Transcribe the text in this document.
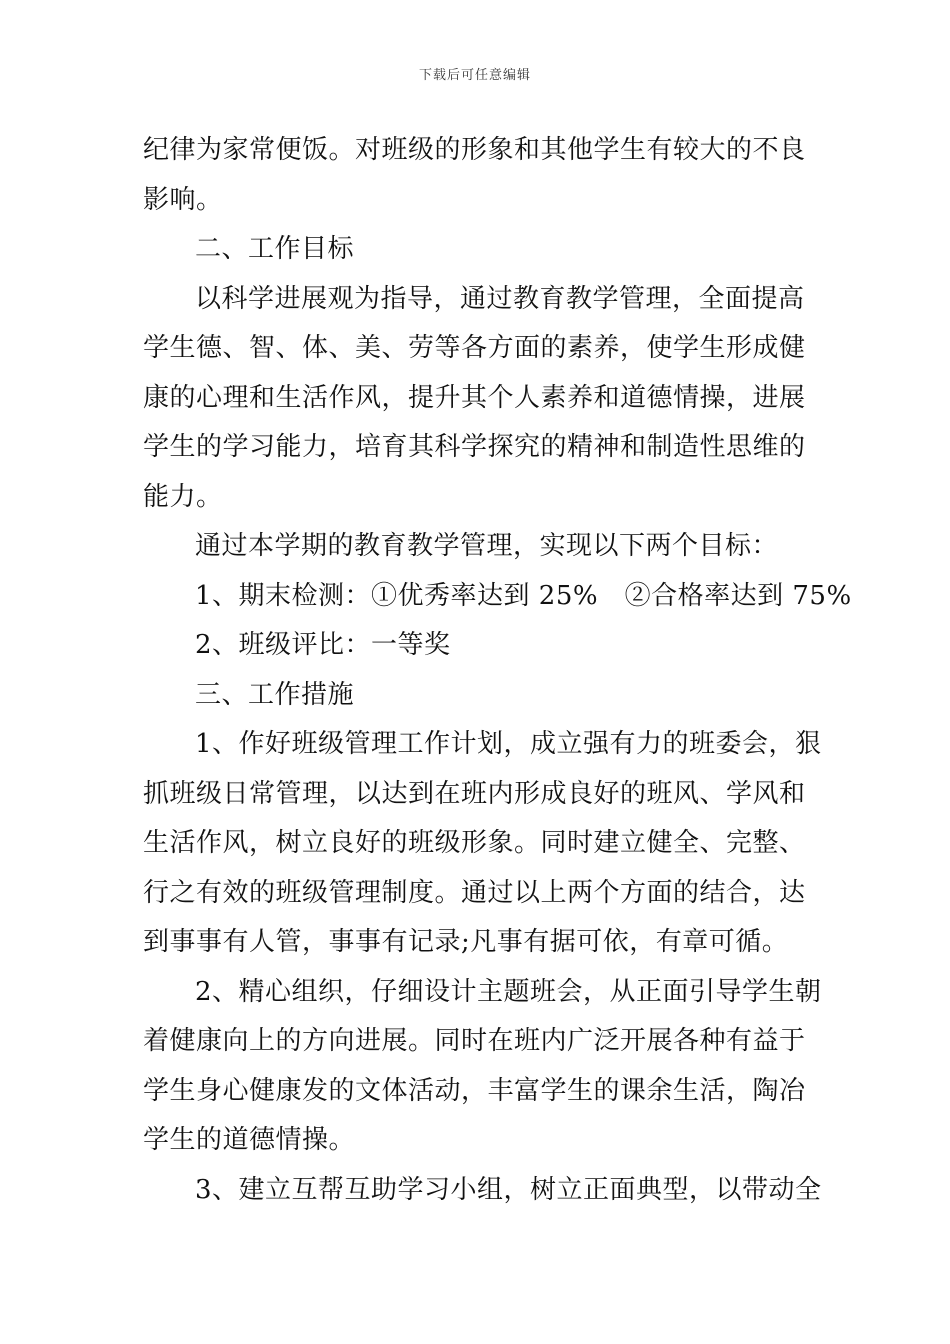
下载后可任意编辑
纪律为家常便饭。对班级的形象和其他学生有较大的不良
影响。
二、工作目标
以科学进展观为指导，通过教育教学管理，全面提高
学生德、智、体、美、劳等各方面的素养，使学生形成健
康的心理和生活作风，提升其个人素养和道德情操，进展
学生的学习能力，培育其科学探究的精神和制造性思维的
能力。
通过本学期的教育教学管理，实现以下两个目标：
1、期末检测：①优秀率达到 25%　②合格率达到 75%
2、班级评比：一等奖
三、工作措施
1、作好班级管理工作计划，成立强有力的班委会，狠
抓班级日常管理，以达到在班内形成良好的班风、学风和
生活作风，树立良好的班级形象。同时建立健全、完整、
行之有效的班级管理制度。通过以上两个方面的结合，达
到事事有人管，事事有记录;凡事有据可依，有章可循。
2、精心组织，仔细设计主题班会，从正面引导学生朝
着健康向上的方向进展。同时在班内广泛开展各种有益于
学生身心健康发的文体活动，丰富学生的课余生活，陶冶
学生的道德情操。
3、建立互帮互助学习小组，树立正面典型，以带动全
